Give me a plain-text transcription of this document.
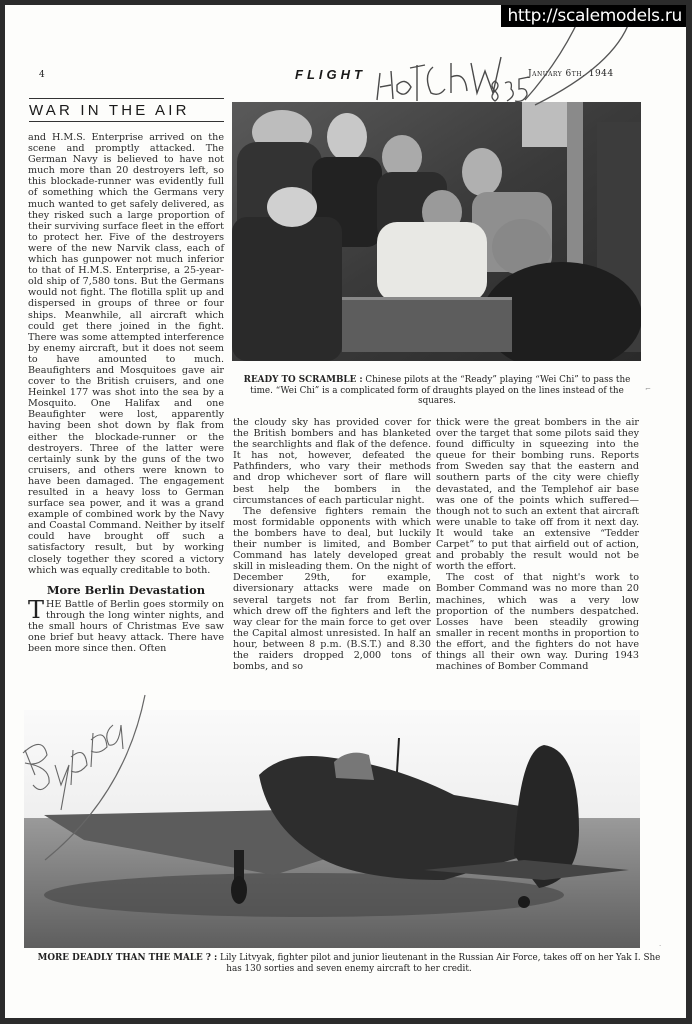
http://scalemodels.ru
4	FLIGHT	January 6th, 1944
WAR IN THE AIR

and H.M.S. Enterprise arrived on the scene and promptly attacked. The German Navy is believed to have not much more than 20 destroyers left, so this blockade-runner was evidently full of something which the Germans very much wanted to get safely delivered, as they risked such a large proportion of their surviving surface fleet in the effort to protect her. Five of the destroyers were of the new Narvik class, each of which has gunpower not much inferior to that of H.M.S. Enterprise, a 25-year-old ship of 7,580 tons. But the Germans would not fight. The flotilla split up and dispersed in groups of three or four ships. Meanwhile, all aircraft which could get there joined in the fight. There was some attempted interference by enemy aircraft, but it does not seem to have amounted to much. Beaufighters and Mosquitoes gave air cover to the British cruisers, and one Heinkel 177 was shot into the sea by a Mosquito. One Halifax and one Beaufighter were lost, apparently having been shot down by flak from either the blockade-runner or the destroyers. Three of the latter were certainly sunk by the guns of the two cruisers, and others were known to have been damaged. The engagement resulted in a heavy loss to German surface sea power, and it was a grand example of combined work by the Navy and Coastal Command. Neither by itself could have brought off such a satisfactory result, but by working closely together they scored a victory which was equally creditable to both.

More Berlin Devastation

THE Battle of Berlin goes stormily on through the long winter nights, and the small hours of Christmas Eve saw one brief but heavy attack. There have been more since then. Often

READY TO SCRAMBLE : Chinese pilots at the “Ready” playing “Wei Chi” to pass the time. “Wei Chi” is a complicated form of draughts played on the lines instead of the squares.

the cloudy sky has provided cover for the British bombers and has blanketed the searchlights and flak of the defence. It has not, however, defeated the Pathfinders, who vary their methods and drop whichever sort of flare will best help the bombers in the circumstances of each particular night.

The defensive fighters remain the most formidable opponents with which the bombers have to deal, but luckily their number is limited, and Bomber Command has lately developed great skill in misleading them. On the night of December 29th, for example, diversionary attacks were made on several targets not far from Berlin, which drew off the fighters and left the way clear for the main force to get over the Capital almost unresisted. In half an hour, between 8 p.m. (B.S.T.) and 8.30 the raiders dropped 2,000 tons of bombs, and so

thick were the great bombers in the air over the target that some pilots said they found difficulty in squeezing into the queue for their bombing runs. Reports from Sweden say that the eastern and southern parts of the city were chiefly devastated, and the Templehof air base was one of the points which suffered—though not to such an extent that aircraft were unable to take off from it next day. It would take an extensive “Tedder Carpet” to put that airfield out of action, and probably the result would not be worth the effort.

The cost of that night's work to Bomber Command was no more than 20 machines, which was a very low proportion of the numbers despatched. Losses have been steadily growing smaller in recent months in proportion to the effort, and the fighters do not have things all their own way. During 1943 machines of Bomber Command

MORE DEADLY THAN THE MALE ? : Lily Litvyak, fighter pilot and junior lieutenant in the Russian Air Force, takes off on her Yak I. She has 130 sorties and seven enemy aircraft to her credit.
⌐
·
